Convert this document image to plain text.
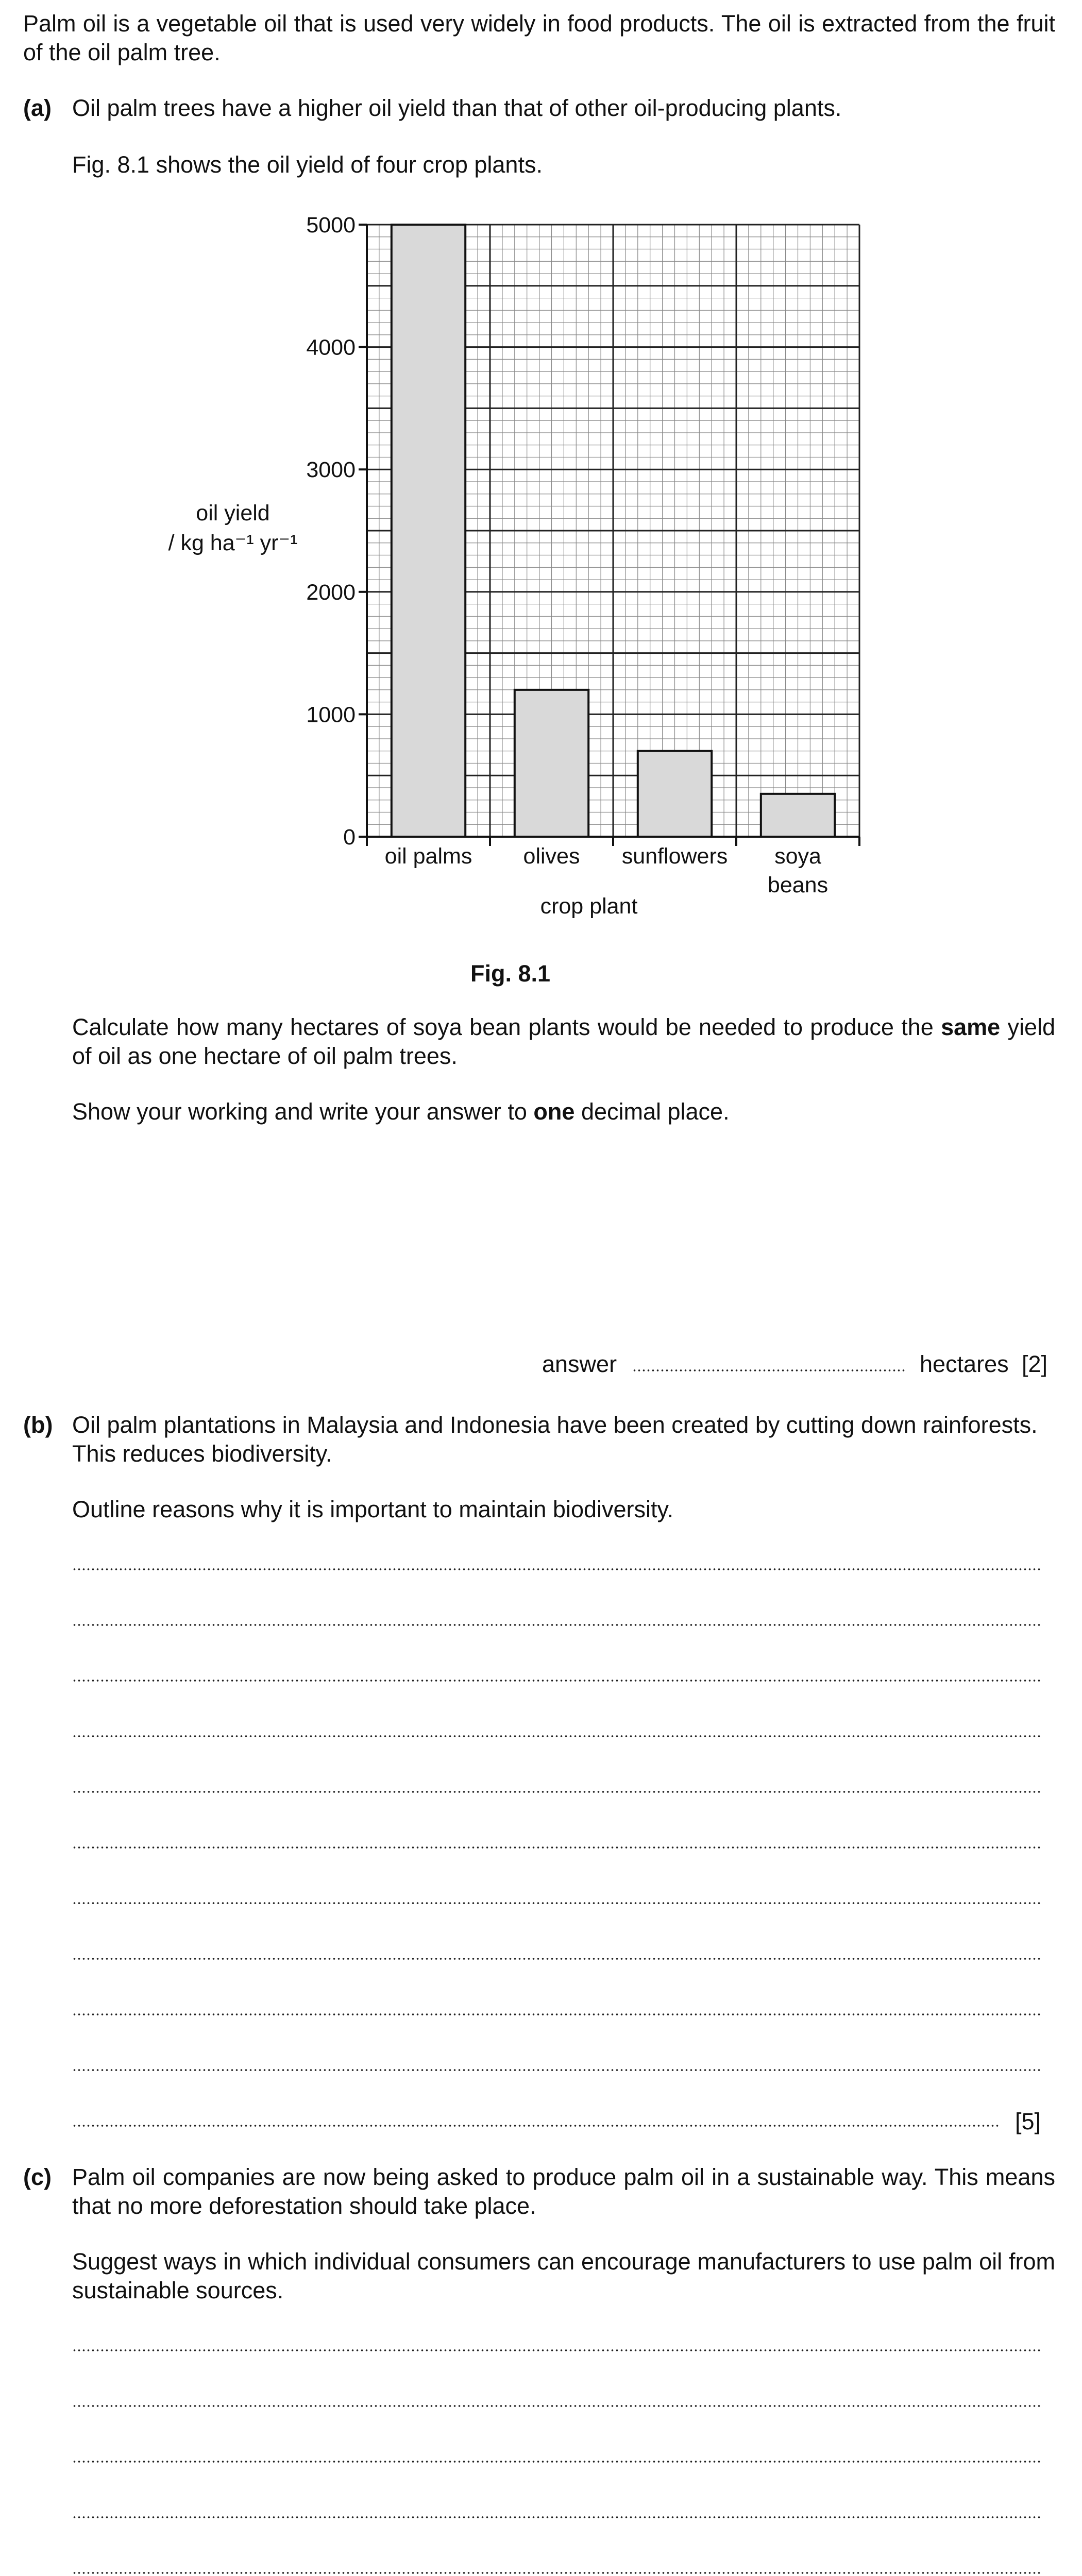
Palm oil is a vegetable oil that is used very widely in food products. The oil is extracted from the fruit of the oil palm tree.
(a) Oil palm trees have a higher oil yield than that of other oil-producing plants.
Fig. 8.1 shows the oil yield of four crop plants.
0
1000
2000
3000
4000
5000
oil palms olives sunflowers soya
beans
oil yield
/ kg ha⁻¹ yr⁻¹
crop plant
Fig. 8.1
Calculate how many hectares of soya bean plants would be needed to produce the same yield of oil as one hectare of oil palm trees.
Show your working and write your answer to one decimal place.
answer	hectares [2]
(b) Oil palm plantations in Malaysia and Indonesia have been created by cutting down rainforests. This reduces biodiversity.
Outline reasons why it is important to maintain biodiversity.
[5]
(c) Palm oil companies are now being asked to produce palm oil in a sustainable way. This means that no more deforestation should take place.
Suggest ways in which individual consumers can encourage manufacturers to use palm oil from sustainable sources.
